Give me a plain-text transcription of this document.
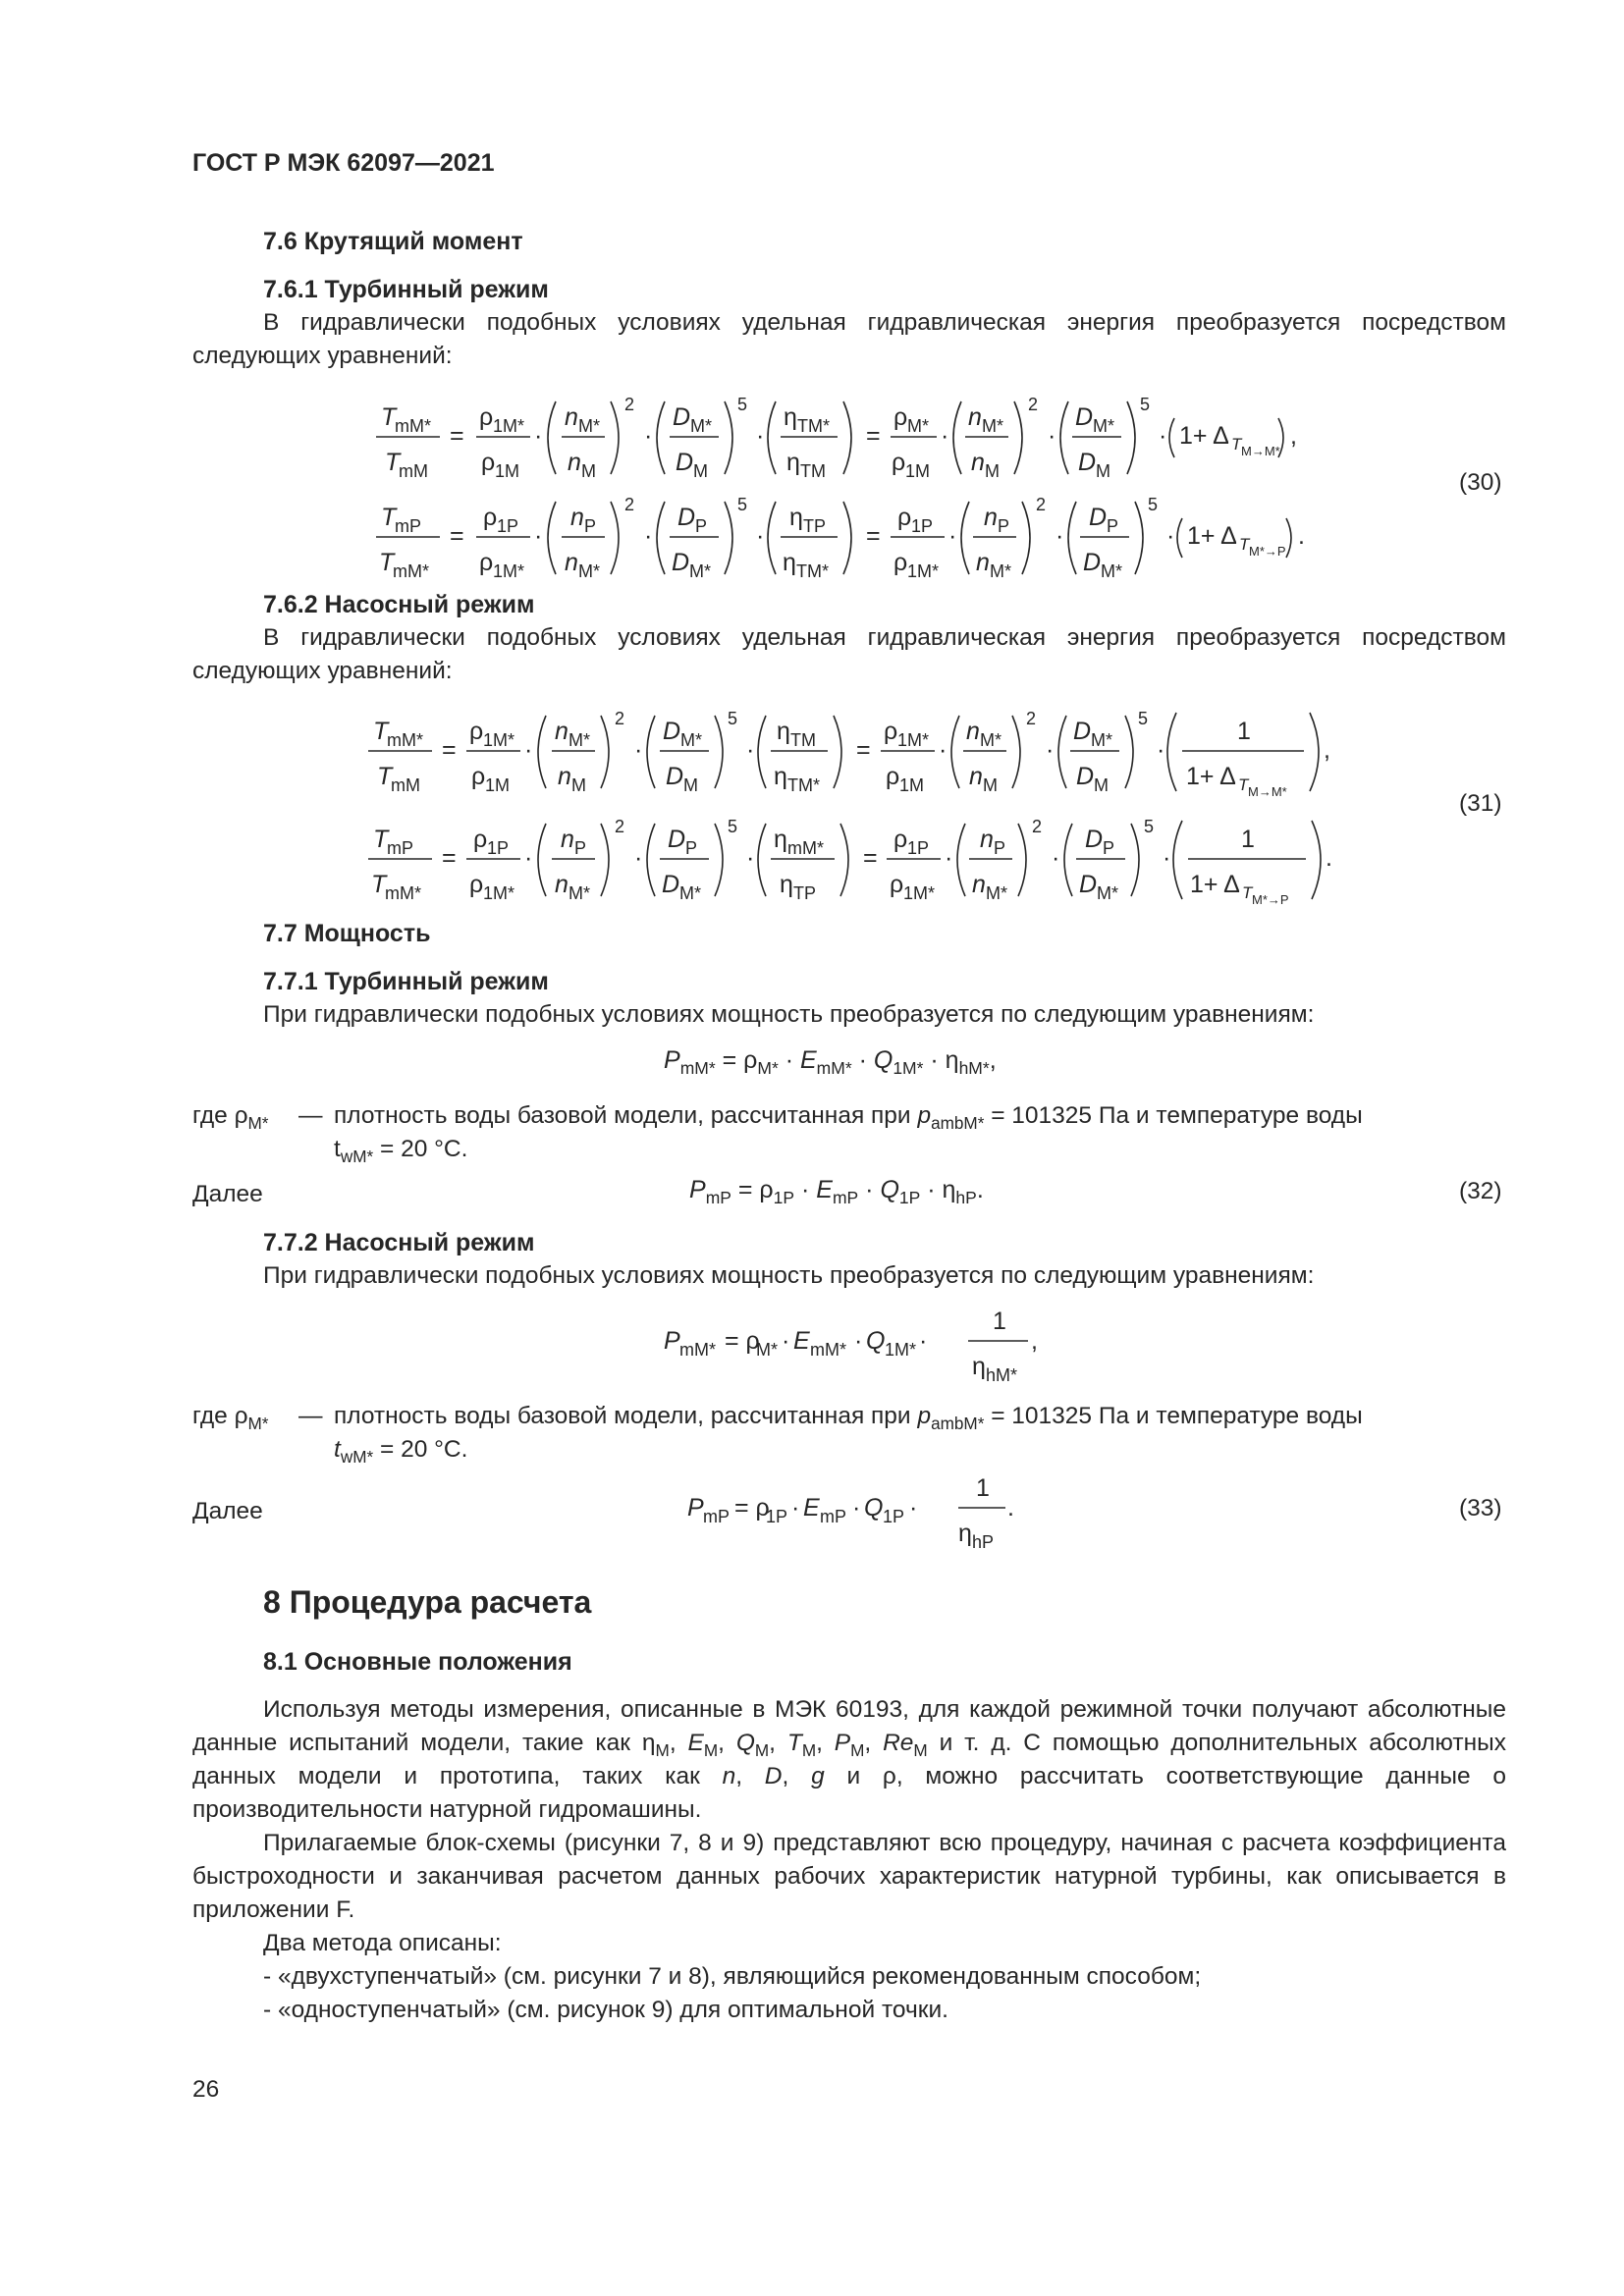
ГОСТ Р МЭК 62097—2021
7.6 Крутящий момент
7.6.1 Турбинный режим
В гидравлически подобных условиях удельная гидравлическая энергия преобразуется посредством следующих уравнений:
T
mM*
T
mM
=
ρ 1M*
ρ 1M
·
n M*
n M
2
·
D M*
D M
5
·
η TM*
η TM
=
ρ M*
ρ 1M
·
n M*
n M
2
·
D M*
D M
5
· 1+ Δ T M→M*
,
T
mP
T
mM*
=
ρ 1P
ρ 1M*
·
n P
n M*
2
·
D P
D M*
5
·
η TP
η TM*
=
ρ 1P
ρ 1M*
·
n P
n M*
2
·
D P
D M*
5
· 1+ Δ T M*→P
.
(30)
7.6.2 Насосный режим
В гидравлически подобных условиях удельная гидравлическая энергия преобразуется посредством следующих уравнений:
T
mM*
T
mM
=
ρ 1M*
ρ 1M
·
n M*
n M
2
·
D M*
D M
5
·
η TM
η TM*
=
ρ 1M*
ρ 1M
·
n M*
n M
2
·
D M*
D M
5
·
1
1+ Δ T M→M*
,
T
mP
T
mM*
=
ρ 1P
ρ 1M*
·
n P
n M*
2
·
D P
D M*
5
·
η mM*
η TP
=
ρ 1P
ρ 1M*
·
n P
n M*
2
·
D P
D M*
5
·
1
1+ Δ T M*→P
.
(31)
7.7 Мощность
7.7.1 Турбинный режим
При гидравлически подобных условиях мощность преобразуется по следующим уравнениям:
$P_{mM*} = \rho_{M*} \cdot E_{mM*} \cdot Q_{1M*} \cdot \eta_{hM*}$,
где $\rho_{M*}$ — плотность воды базовой модели, рассчитанная при $p_{ambM*} = 101325$ Па и температуре воды
$t_{wM*} = 20$ °C.
Далее	$P_{mP} = \rho_{1P} \cdot E_{mP} \cdot Q_{1P} \cdot \eta_{hP}$.	(32)
7.7.2 Насосный режим
При гидравлически подобных условиях мощность преобразуется по следующим уравнениям:
P mM* = ρ
M* · E mM* · Q 1M* ·
1
η hM*
,
где $\rho_{M*}$ — плотность воды базовой модели, рассчитанная при $p_{ambM*} = 101325$ Па и температуре воды
$t_{wM*} = 20$ °C.
Далее	P mP = ρ
1P · E mP · Q 1P ·
1
η hP
.	(33)
8 Процедура расчета
8.1 Основные положения
Используя методы измерения, описанные в МЭК 60193, для каждой режимной точки получают абсолютные данные испытаний модели, такие как $\eta_M$, $E_M$, $Q_M$, $T_M$, $P_M$, $Re_M$ и т. д. С помощью дополнительных абсолютных данных модели и прототипа, таких как n, D, g и ρ, можно рассчитать соответствующие данные о производительности натурной гидромашины.
Прилагаемые блок-схемы (рисунки 7, 8 и 9) представляют всю процедуру, начиная с расчета коэффициента быстроходности и заканчивая расчетом данных рабочих характеристик натурной турбины, как описывается в приложении F.
Два метода описаны:
- «двухступенчатый» (см. рисунки 7 и 8), являющийся рекомендованным способом;
- «одноступенчатый» (см. рисунок 9) для оптимальной точки.
26
